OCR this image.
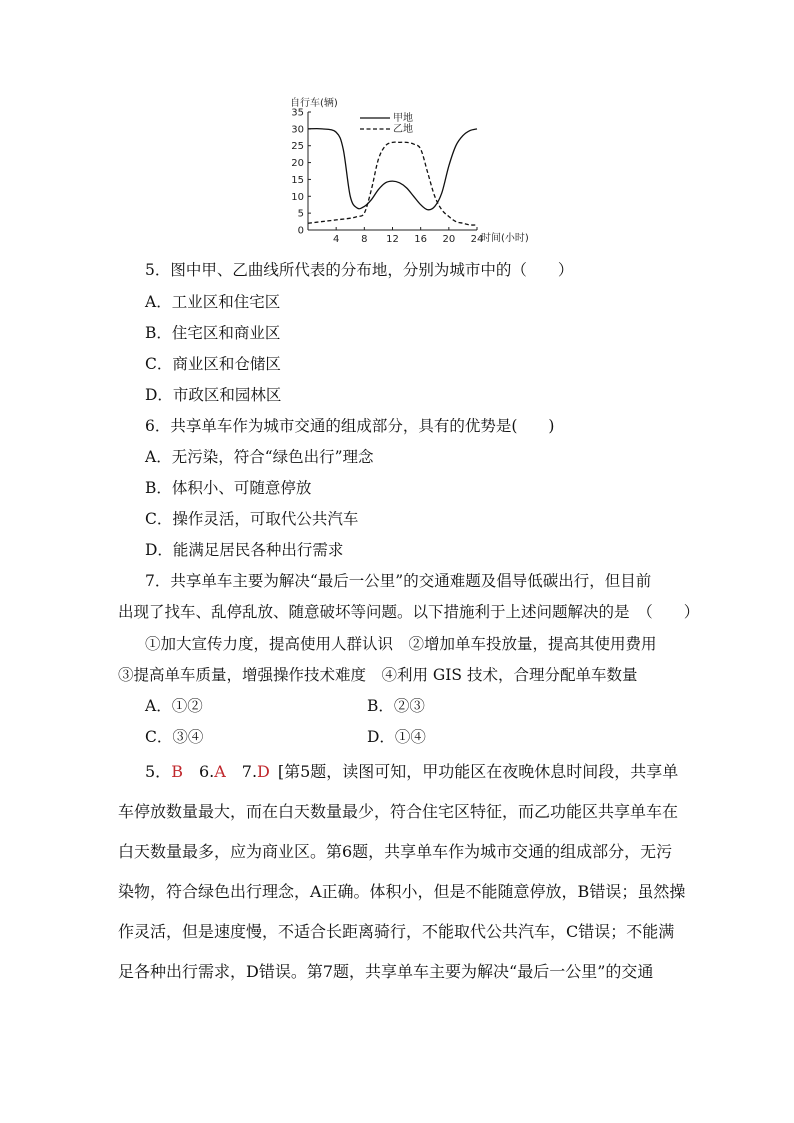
自行车(辆)
0
5
10
15
20
25
30
35
4 8 12 16 20 24
时间(小时)
甲地
乙地
5．图中甲、乙曲线所代表的分布地，分别为城市中的（　　）
A．工业区和住宅区
B．住宅区和商业区
C．商业区和仓储区
D．市政区和园林区
6．共享单车作为城市交通的组成部分，具有的优势是(　　)
A．无污染，符合“绿色出行”理念
B．体积小、可随意停放
C．操作灵活，可取代公共汽车
D．能满足居民各种出行需求
7．共享单车主要为解决“最后一公里”的交通难题及倡导低碳出行，但目前
出现了找车、乱停乱放、随意破坏等问题。以下措施利于上述问题解决的是　（　　）
①加大宣传力度，提高使用人群认识　②增加单车投放量，提高其使用费用
③提高单车质量，增强操作技术难度　④利用 GIS 技术，合理分配单车数量
A．①②	B．②③
C．③④	D．①④
5．B  6.A  7.D  [第5题，读图可知，甲功能区在夜晚休息时间段，共享单
车停放数量最大，而在白天数量最少，符合住宅区特征，而乙功能区共享单车在
白天数量最多，应为商业区。第6题，共享单车作为城市交通的组成部分，无污
染物，符合绿色出行理念，A正确。体积小，但是不能随意停放，B错误；虽然操
作灵活，但是速度慢，不适合长距离骑行，不能取代公共汽车，C错误；不能满
足各种出行需求，D错误。第7题，共享单车主要为解决“最后一公里”的交通
